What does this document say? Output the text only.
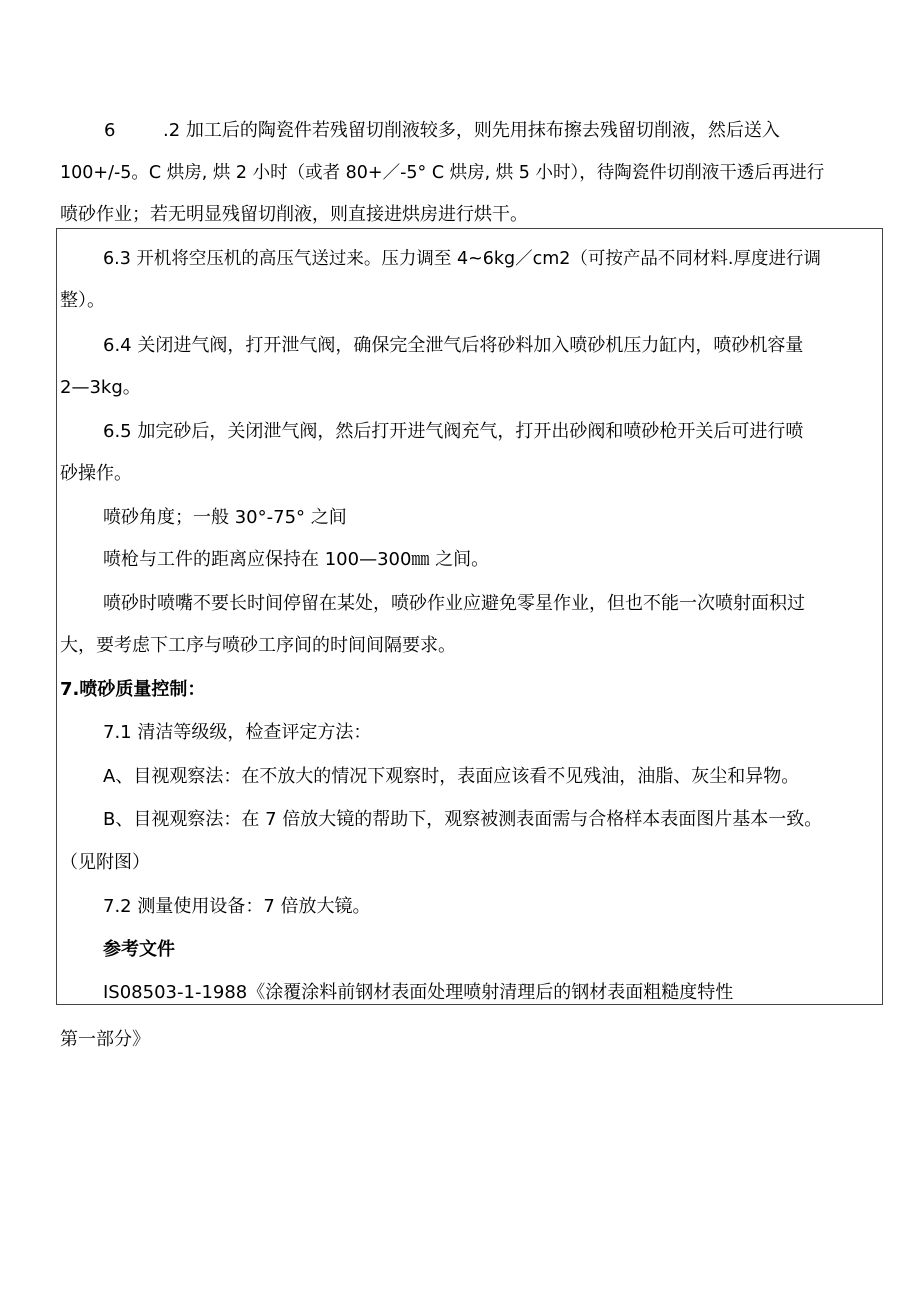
6	.2 加工后的陶瓷件若残留切削液较多，则先用抹布擦去残留切削液，然后送入
100+/-5。C 烘房, 烘 2 小时（或者 80+／-5° C 烘房, 烘 5 小时），待陶瓷件切削液干透后再进行
喷砂作业；若无明显残留切削液，则直接进烘房进行烘干。
6.3 开机将空压机的高压气送过来。压力调至 4~6kg／cm2（可按产品不同材料.厚度进行调
整）。
6.4 关闭进气阀，打开泄气阀，确保完全泄气后将砂料加入喷砂机压力缸内，喷砂机容量
2—3kg。
6.5 加完砂后，关闭泄气阀，然后打开进气阀充气，打开出砂阀和喷砂枪开关后可进行喷
砂操作。
喷砂角度；一般 30°-75° 之间
喷枪与工件的距离应保持在 100—300㎜ 之间。
喷砂时喷嘴不要长时间停留在某处，喷砂作业应避免零星作业，但也不能一次喷射面积过
大，要考虑下工序与喷砂工序间的时间间隔要求。
7.喷砂质量控制：
7.1 清洁等级级，检查评定方法：
A、目视观察法：在不放大的情况下观察时，表面应该看不见残油，油脂、灰尘和异物。
B、目视观察法：在 7 倍放大镜的帮助下，观察被测表面需与合格样本表面图片基本一致。
（见附图）
7.2 测量使用设备：7 倍放大镜。
参考文件
IS08503-1-1988《涂覆涂料前钢材表面处理喷射清理后的钢材表面粗糙度特性
第一部分》
